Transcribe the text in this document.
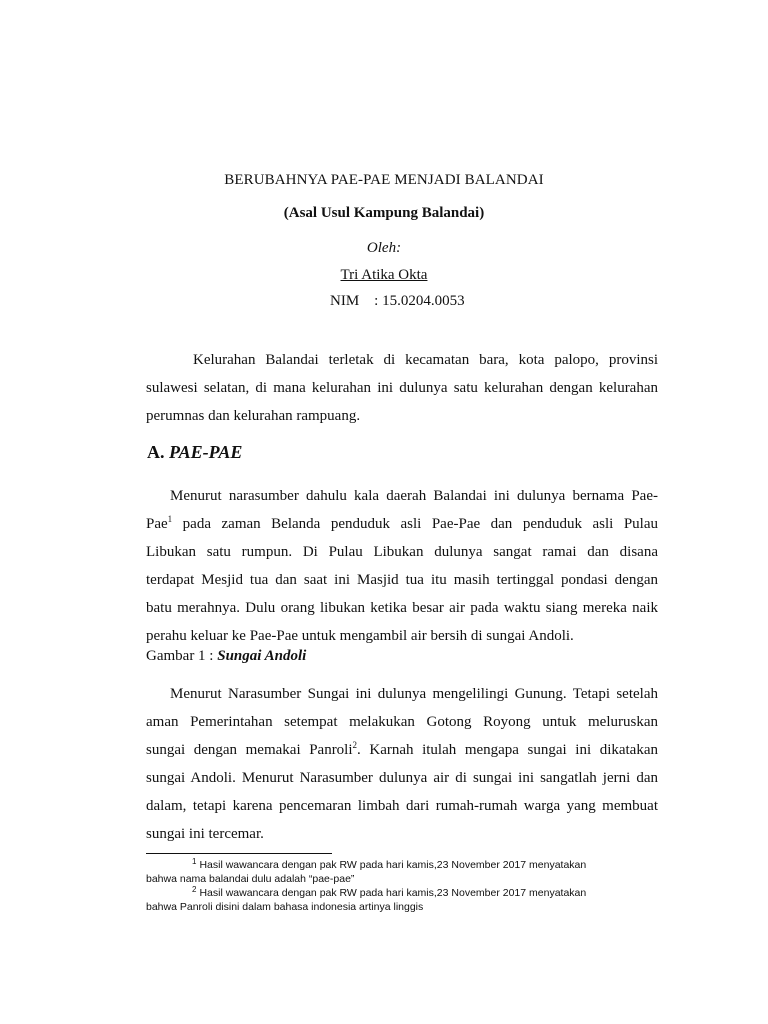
BERUBAHNYA PAE-PAE MENJADI BALANDAI
(Asal Usul Kampung Balandai)
Oleh:
Tri Atika Okta
NIM : 15.0204.0053
Kelurahan Balandai terletak di kecamatan bara, kota palopo, provinsi
sulawesi selatan, di mana kelurahan ini dulunya satu kelurahan dengan kelurahan
perumnas dan kelurahan rampuang.
A. PAE-PAE
Menurut narasumber dahulu kala daerah Balandai ini dulunya bernama Pae-
Pae$^1$ pada zaman Belanda penduduk asli Pae-Pae dan penduduk asli Pulau
Libukan satu rumpun. Di Pulau Libukan dulunya sangat ramai dan disana
terdapat Mesjid tua dan saat ini Masjid tua itu masih tertinggal pondasi dengan
batu merahnya. Dulu orang libukan ketika besar air pada waktu siang mereka naik
perahu keluar ke Pae-Pae untuk mengambil air bersih di sungai Andoli.
Gambar 1 : Sungai Andoli
Menurut Narasumber Sungai ini dulunya mengelilingi Gunung. Tetapi setelah
aman Pemerintahan setempat melakukan Gotong Royong untuk meluruskan
sungai dengan memakai Panroli$^2$. Karnah itulah mengapa sungai ini dikatakan
sungai Andoli. Menurut Narasumber dulunya air di sungai ini sangatlah jerni dan
dalam, tetapi karena pencemaran limbah dari rumah-rumah warga yang membuat
sungai ini tercemar.
$^1$ Hasil wawancara dengan pak RW pada hari kamis,23 November 2017 menyatakan
bahwa nama balandai dulu adalah “pae-pae”
$^2$ Hasil wawancara dengan pak RW pada hari kamis,23 November 2017 menyatakan
bahwa Panroli disini dalam bahasa indonesia artinya linggis
